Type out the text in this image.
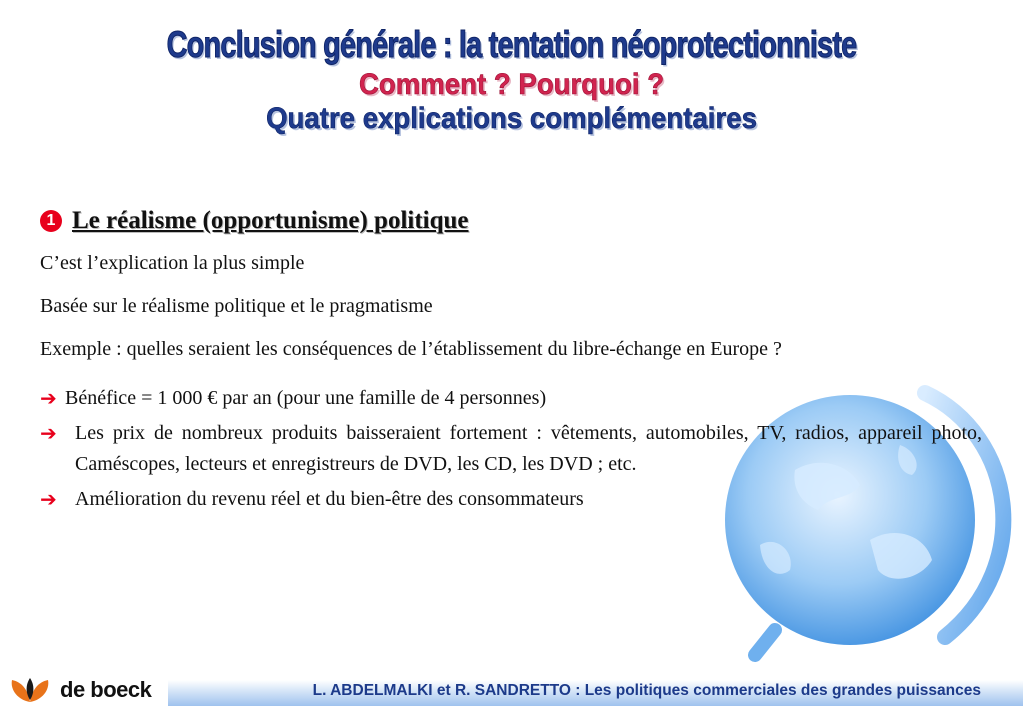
Conclusion générale : la tentation néoprotectionniste
Comment ? Pourquoi ?
Quatre explications complémentaires
1 Le réalisme (opportunisme) politique

C’est l’explication la plus simple

Basée sur le réalisme politique et le pragmatisme

Exemple : quelles seraient les conséquences de l’établissement du libre-échange en Europe ?

➔ Bénéfice = 1 000 € par an (pour une famille de 4 personnes)
➔ Les prix de nombreux produits baisseraient fortement : vêtements, automobiles, TV, radios, appareil photo, Caméscopes, lecteurs et enregistreurs de DVD, les CD, les DVD ; etc.
➔ Amélioration du revenu réel et du bien-être des consommateurs
de boeck	L. ABDELMALKI et R. SANDRETTO : Les politiques commerciales des grandes puissances
